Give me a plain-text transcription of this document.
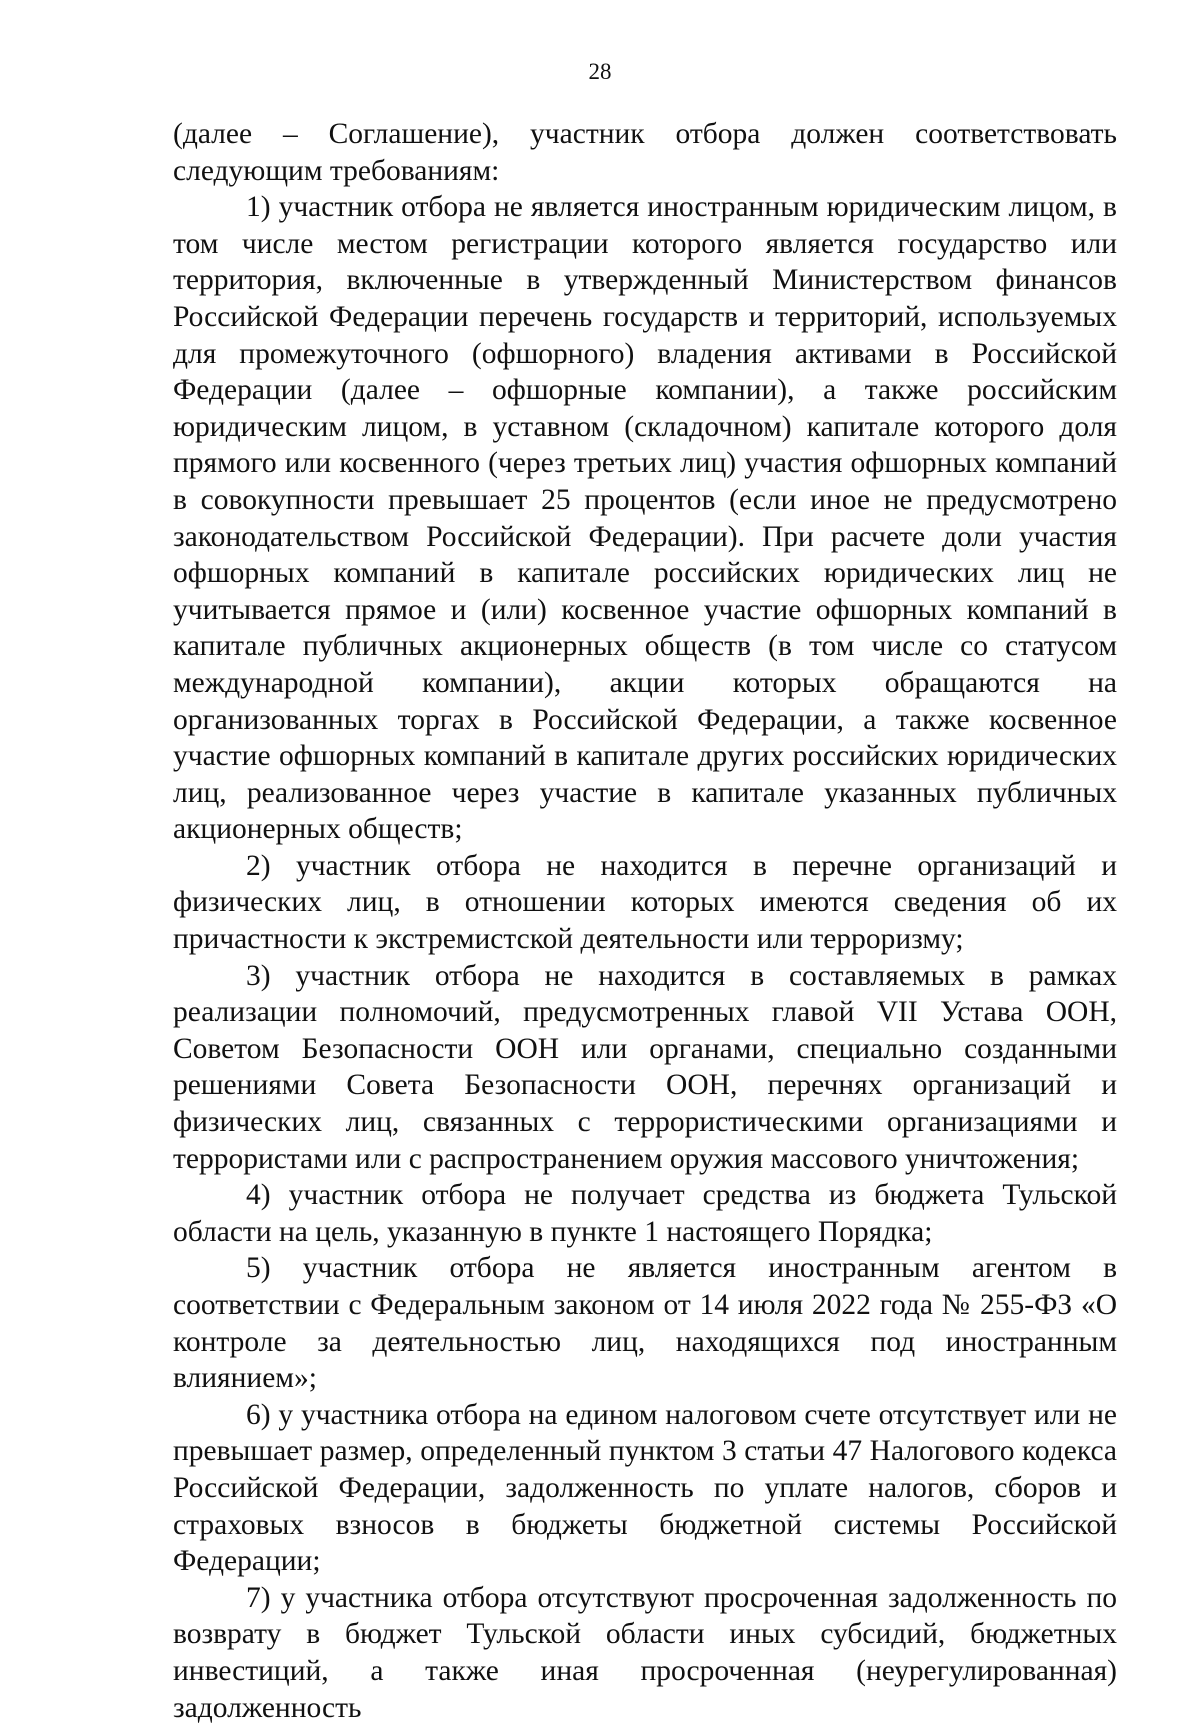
28

(далее – Соглашение), участник отбора должен соответствовать следующим требованиям:

1) участник отбора не является иностранным юридическим лицом, в том числе местом регистрации которого является государство или территория, включенные в утвержденный Министерством финансов Российской Федерации перечень государств и территорий, используемых для промежуточного (офшорного) владения активами в Российской Федерации (далее – офшорные компании), а также российским юридическим лицом, в уставном (складочном) капитале которого доля прямого или косвенного (через третьих лиц) участия офшорных компаний в совокупности превышает 25 процентов (если иное не предусмотрено законодательством Российской Федерации). При расчете доли участия офшорных компаний в капитале российских юридических лиц не учитывается прямое и (или) косвенное участие офшорных компаний в капитале публичных акционерных обществ (в том числе со статусом международной компании), акции которых обращаются на организованных торгах в Российской Федерации, а также косвенное участие офшорных компаний в капитале других российских юридических лиц, реализованное через участие в капитале указанных публичных акционерных обществ;

2) участник отбора не находится в перечне организаций и физических лиц, в отношении которых имеются сведения об их причастности к экстремистской деятельности или терроризму;

3) участник отбора не находится в составляемых в рамках реализации полномочий, предусмотренных главой VII Устава ООН, Советом Безопасности ООН или органами, специально созданными решениями Совета Безопасности ООН, перечнях организаций и физических лиц, связанных с террористическими организациями и террористами или с распространением оружия массового уничтожения;

4) участник отбора не получает средства из бюджета Тульской области на цель, указанную в пункте 1 настоящего Порядка;

5) участник отбора не является иностранным агентом в соответствии с Федеральным законом от 14 июля 2022 года № 255-ФЗ «О контроле за деятельностью лиц, находящихся под иностранным влиянием»;

6) у участника отбора на едином налоговом счете отсутствует или не превышает размер, определенный пунктом 3 статьи 47 Налогового кодекса Российской Федерации, задолженность по уплате налогов, сборов и страховых взносов в бюджеты бюджетной системы Российской Федерации;

7) у участника отбора отсутствуют просроченная задолженность по возврату в бюджет Тульской области иных субсидий, бюджетных инвестиций, а также иная просроченная (неурегулированная) задолженность
